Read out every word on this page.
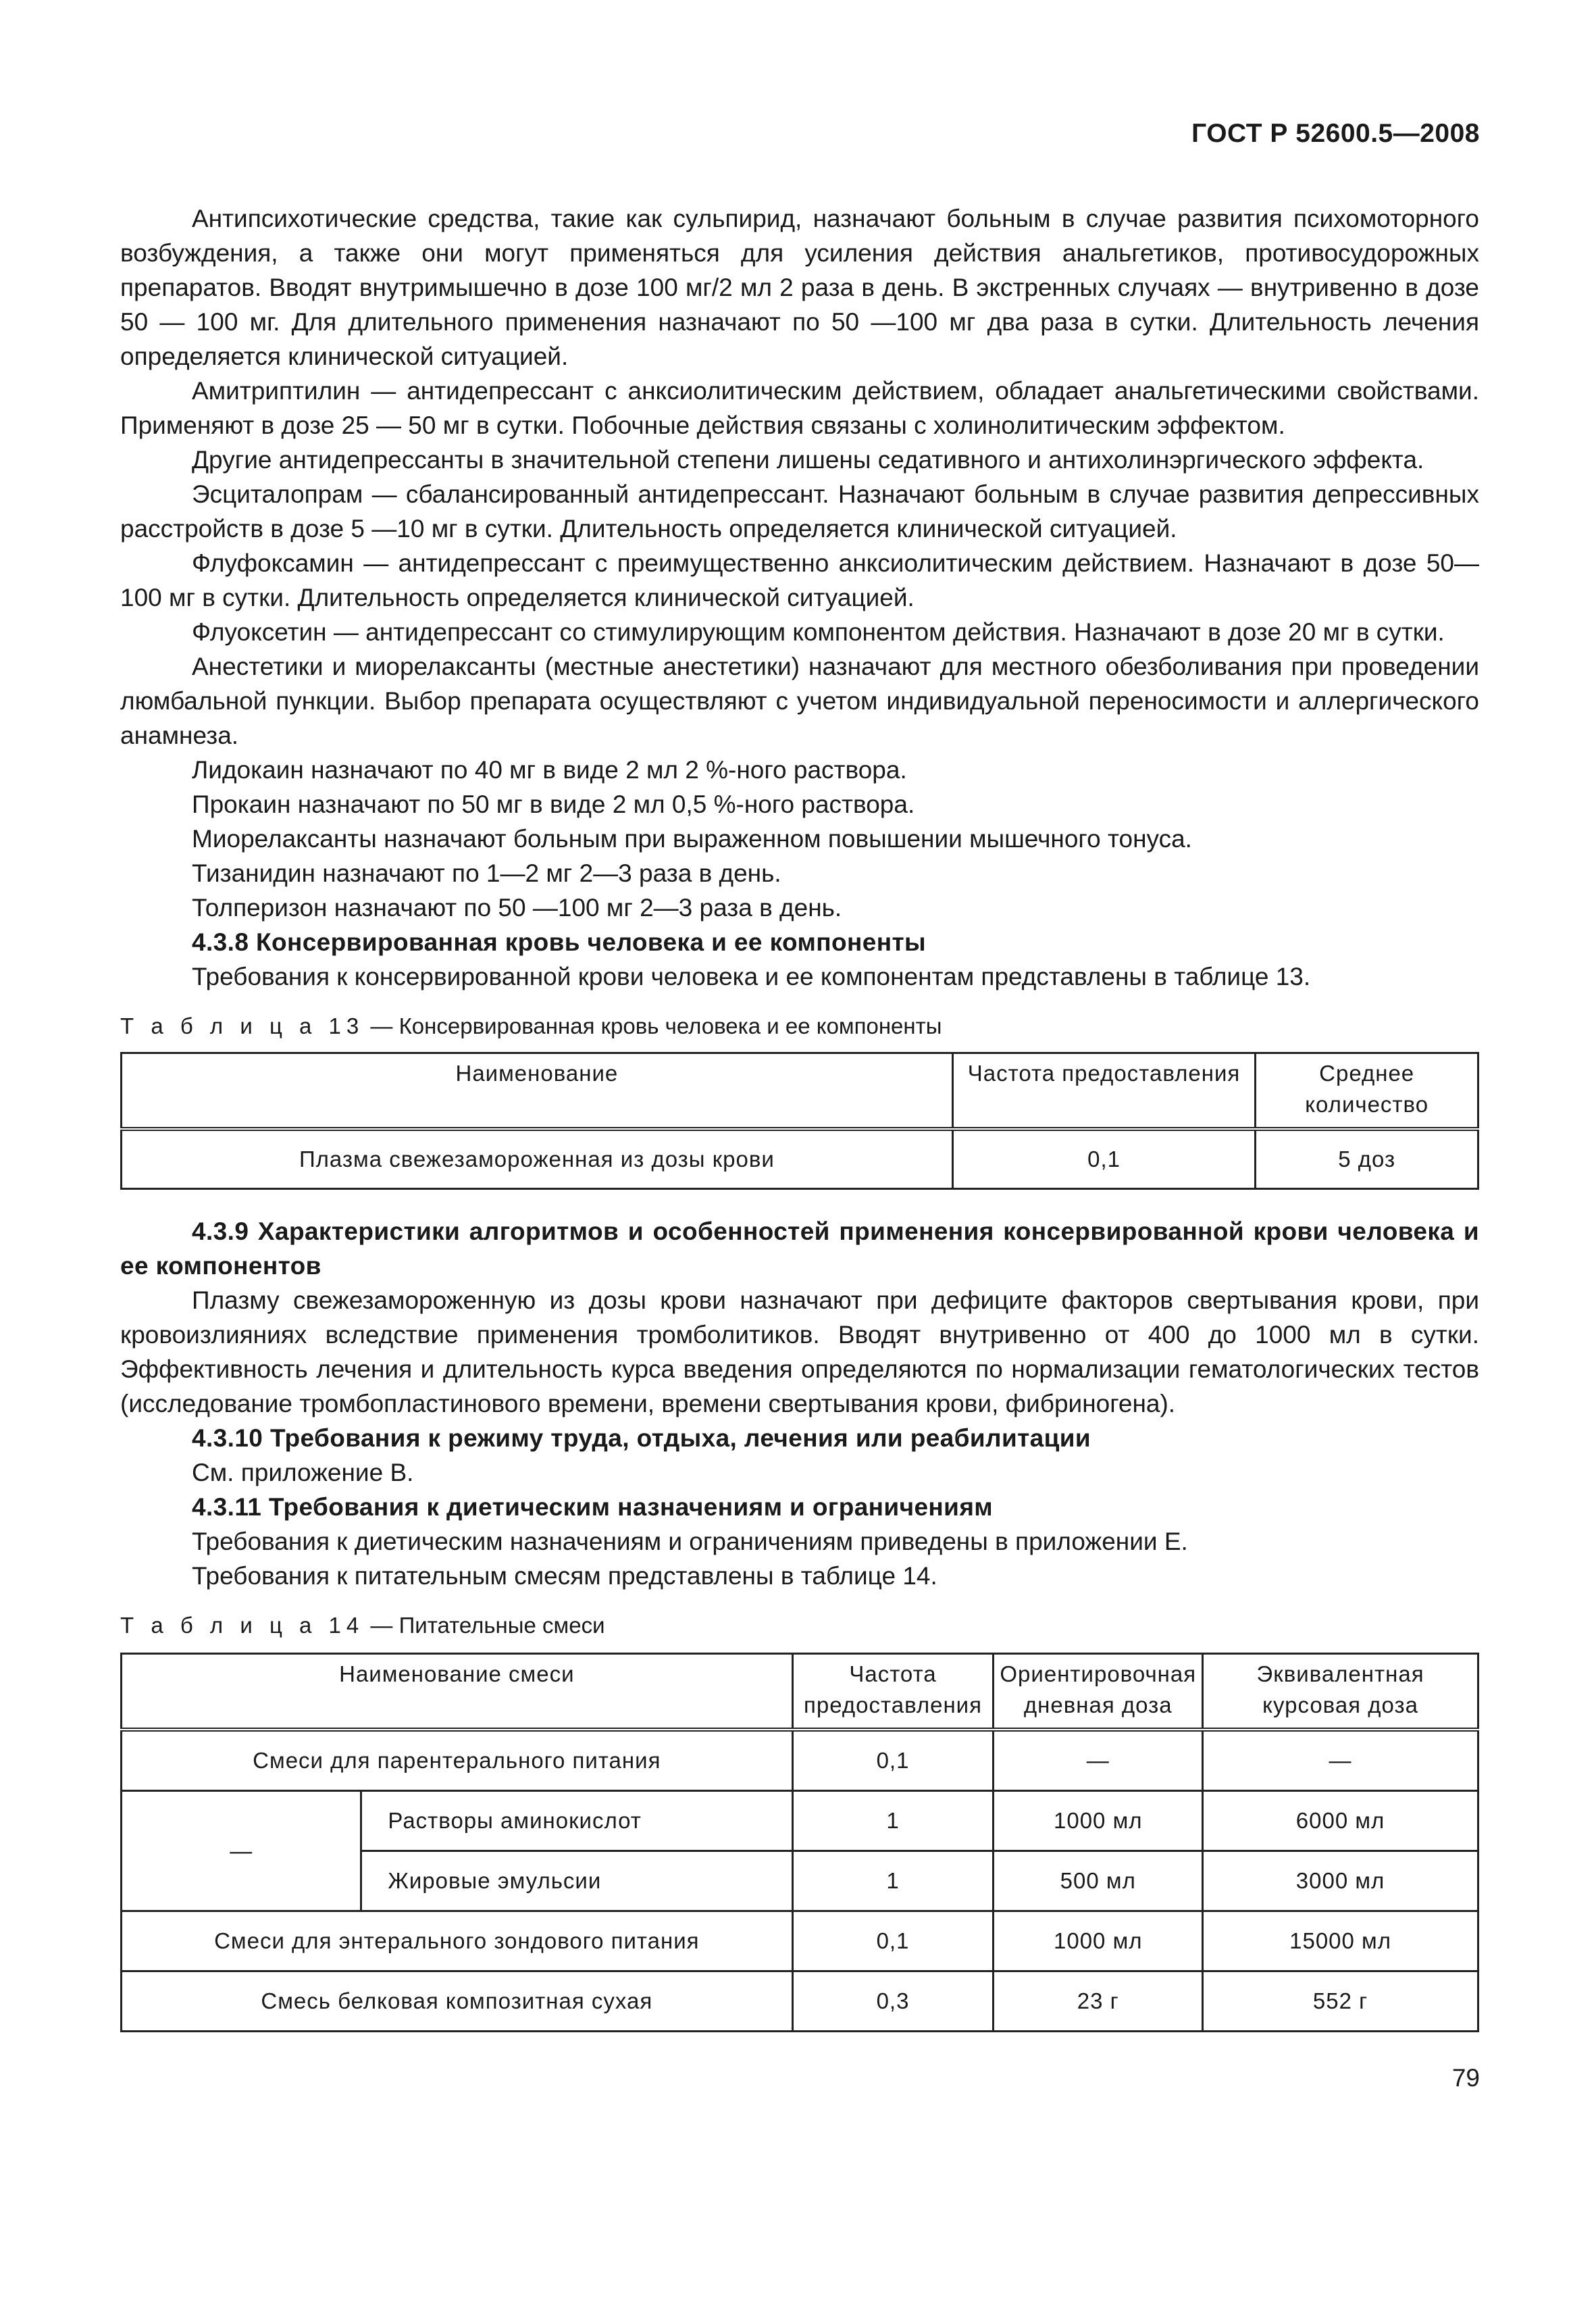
ГОСТ Р 52600.5—2008

Антипсихотические средства, такие как сульпирид, назначают больным в случае развития психомоторного возбуждения, а также они могут применяться для усиления действия анальгетиков, противосудорожных препаратов. Вводят внутримышечно в дозе 100 мг/2 мл 2 раза в день. В экстренных случаях — внутривенно в дозе 50 — 100 мг. Для длительного применения назначают по 50 —100 мг два раза в сутки. Длительность лечения определяется клинической ситуацией.

Амитриптилин — антидепрессант с анксиолитическим действием, обладает анальгетическими свойствами. Применяют в дозе 25 — 50 мг в сутки. Побочные действия связаны с холинолитическим эффектом.

Другие антидепрессанты в значительной степени лишены седативного и антихолинэргического эффекта.

Эсциталопрам — сбалансированный антидепрессант. Назначают больным в случае развития депрессивных расстройств в дозе 5 —10 мг в сутки. Длительность определяется клинической ситуацией.

Флуфоксамин — антидепрессант с преимущественно анксиолитическим действием. Назначают в дозе 50—100 мг в сутки. Длительность определяется клинической ситуацией.

Флуоксетин — антидепрессант со стимулирующим компонентом действия. Назначают в дозе 20 мг в сутки.

Анестетики и миорелаксанты (местные анестетики) назначают для местного обезболивания при проведении люмбальной пункции. Выбор препарата осуществляют с учетом индивидуальной переносимости и аллергического анамнеза.

Лидокаин назначают по 40 мг в виде 2 мл 2 %-ного раствора.

Прокаин назначают по 50 мг в виде 2 мл 0,5 %-ного раствора.

Миорелаксанты назначают больным при выраженном повышении мышечного тонуса.

Тизанидин назначают по 1—2 мг 2—3 раза в день.

Толперизон назначают по 50 —100 мг 2—3 раза в день.

4.3.8 Консервированная кровь человека и ее компоненты

Требования к консервированной крови человека и ее компонентам представлены в таблице 13.

Т а б л и ц а 13 — Консервированная кровь человека и ее компоненты

Наименование	Частота предоставления	Среднее количество
Плазма свежезамороженная из дозы крови	0,1	5 доз

4.3.9 Характеристики алгоритмов и особенностей применения консервированной крови человека и ее компонентов

Плазму свежезамороженную из дозы крови назначают при дефиците факторов свертывания крови, при кровоизлияниях вследствие применения тромболитиков. Вводят внутривенно от 400 до 1000 мл в сутки. Эффективность лечения и длительность курса введения определяются по нормализации гематологических тестов (исследование тромбопластинового времени, времени свертывания крови, фибриногена).

4.3.10 Требования к режиму труда, отдыха, лечения или реабилитации

См. приложение В.

4.3.11 Требования к диетическим назначениям и ограничениям

Требования к диетическим назначениям и ограничениям приведены в приложении Е.

Требования к питательным смесям представлены в таблице 14.

Т а б л и ц а 14 — Питательные смеси

Наименование смеси		Частота предоставления	Ориентировочная дневная доза	Эквивалентная курсовая доза
Смеси для парентерального питания		0,1	—	—
—	Растворы аминокислот	1	1000 мл	6000 мл
	Жировые эмульсии	1	500 мл	3000 мл
Смеси для энтерального зондового питания		0,1	1000 мл	15000 мл
Смесь белковая композитная сухая		0,3	23 г	552 г
79
